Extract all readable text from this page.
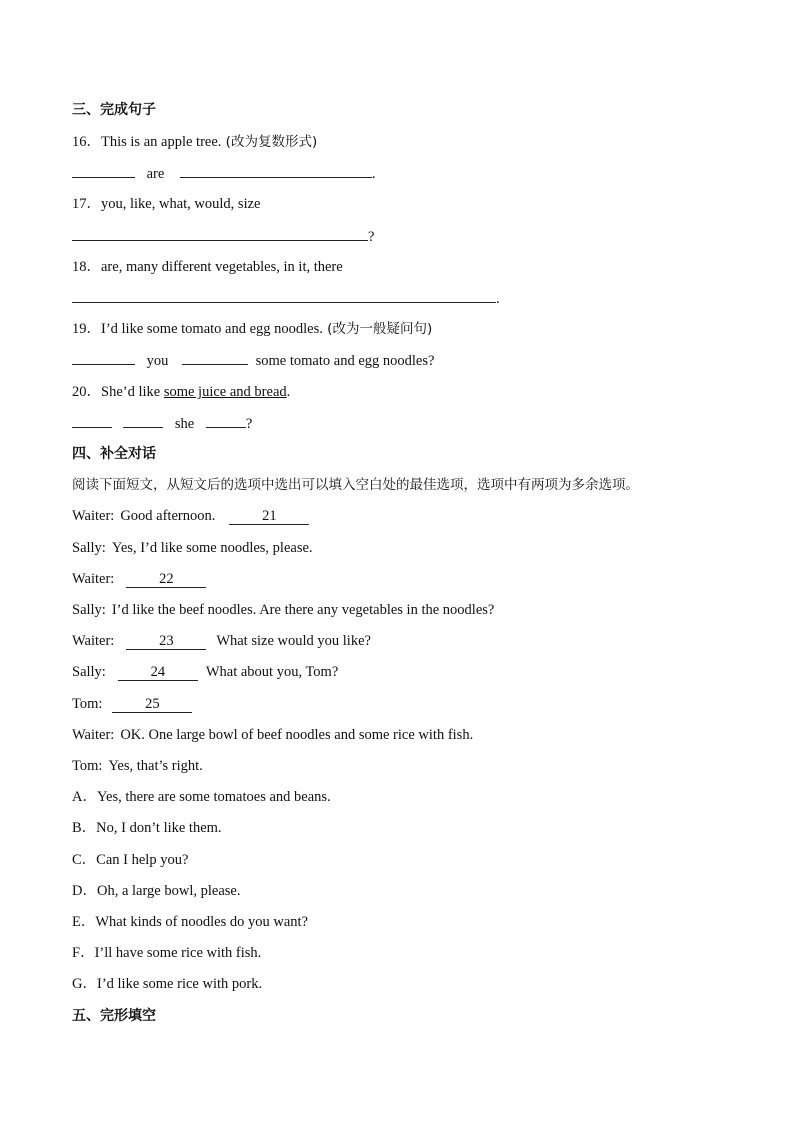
三、完成句子
16．This is an apple tree. (改为复数形式)
are	.
17．you, like, what, would, size
?
18．are, many different vegetables, in it, there
.
19．I’d like some tomato and egg noodles. (改为一般疑问句)
you	some tomato and egg noodles?
20．She’d like some juice and bread.
she	?
四、补全对话
阅读下面短文，从短文后的选项中选出可以填入空白处的最佳选项，选项中有两项为多余选项。
Waiter: Good afternoon.	21
Sally: Yes, I’d like some noodles, please.
Waiter:	22
Sally: I’d like the beef noodles. Are there any vegetables in the noodles?
Waiter:	23	What size would you like?
Sally:	24	What about you, Tom?
Tom:	25
Waiter: OK. One large bowl of beef noodles and some rice with fish.
Tom: Yes, that’s right.
A．Yes, there are some tomatoes and beans.
B．No, I don’t like them.
C．Can I help you?
D．Oh, a large bowl, please.
E．What kinds of noodles do you want?
F．I’ll have some rice with fish.
G．I’d like some rice with pork.
五、完形填空
